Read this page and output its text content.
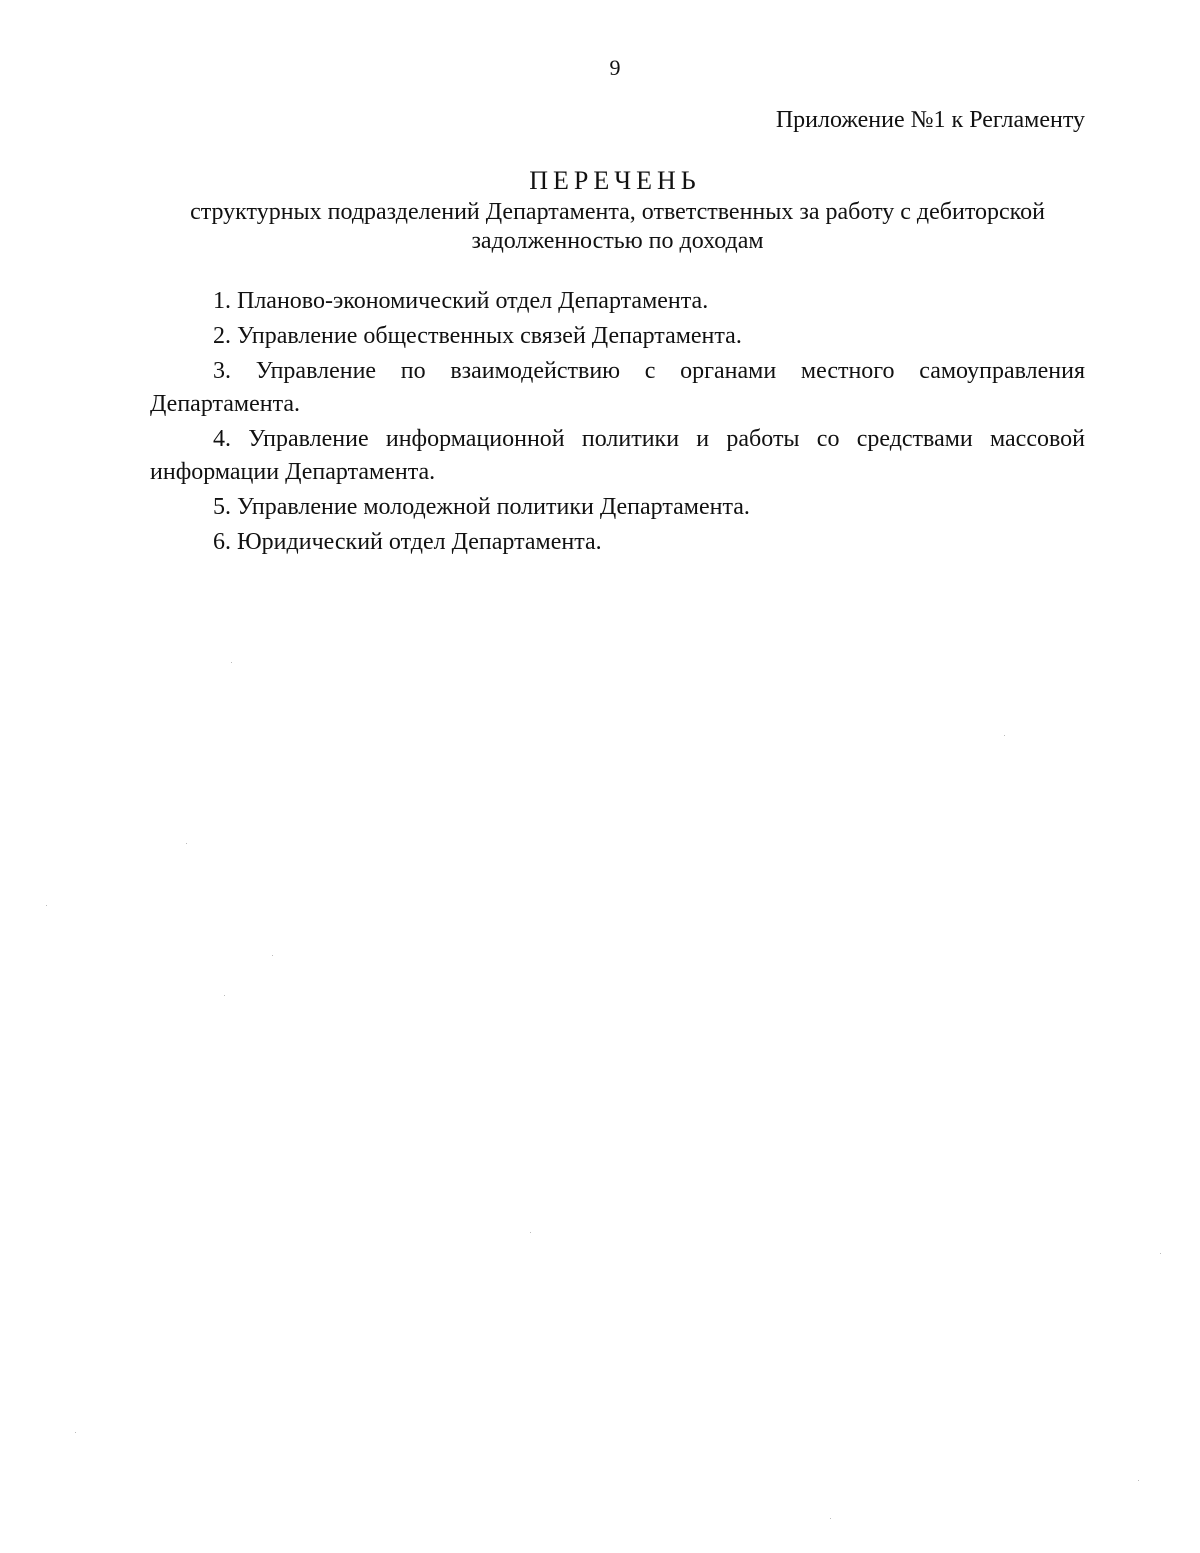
9
Приложение №1 к Регламенту
ПЕРЕЧЕНЬ
структурных подразделений Департамента, ответственных за работу с дебиторской
задолженностью по доходам
1. Планово-экономический отдел Департамента.
2. Управление общественных связей Департамента.
3. Управление по взаимодействию с органами местного самоуправления
Департамента.
4. Управление информационной политики и работы со средствами массовой
информации Департамента.
5. Управление молодежной политики Департамента.
6. Юридический отдел Департамента.
